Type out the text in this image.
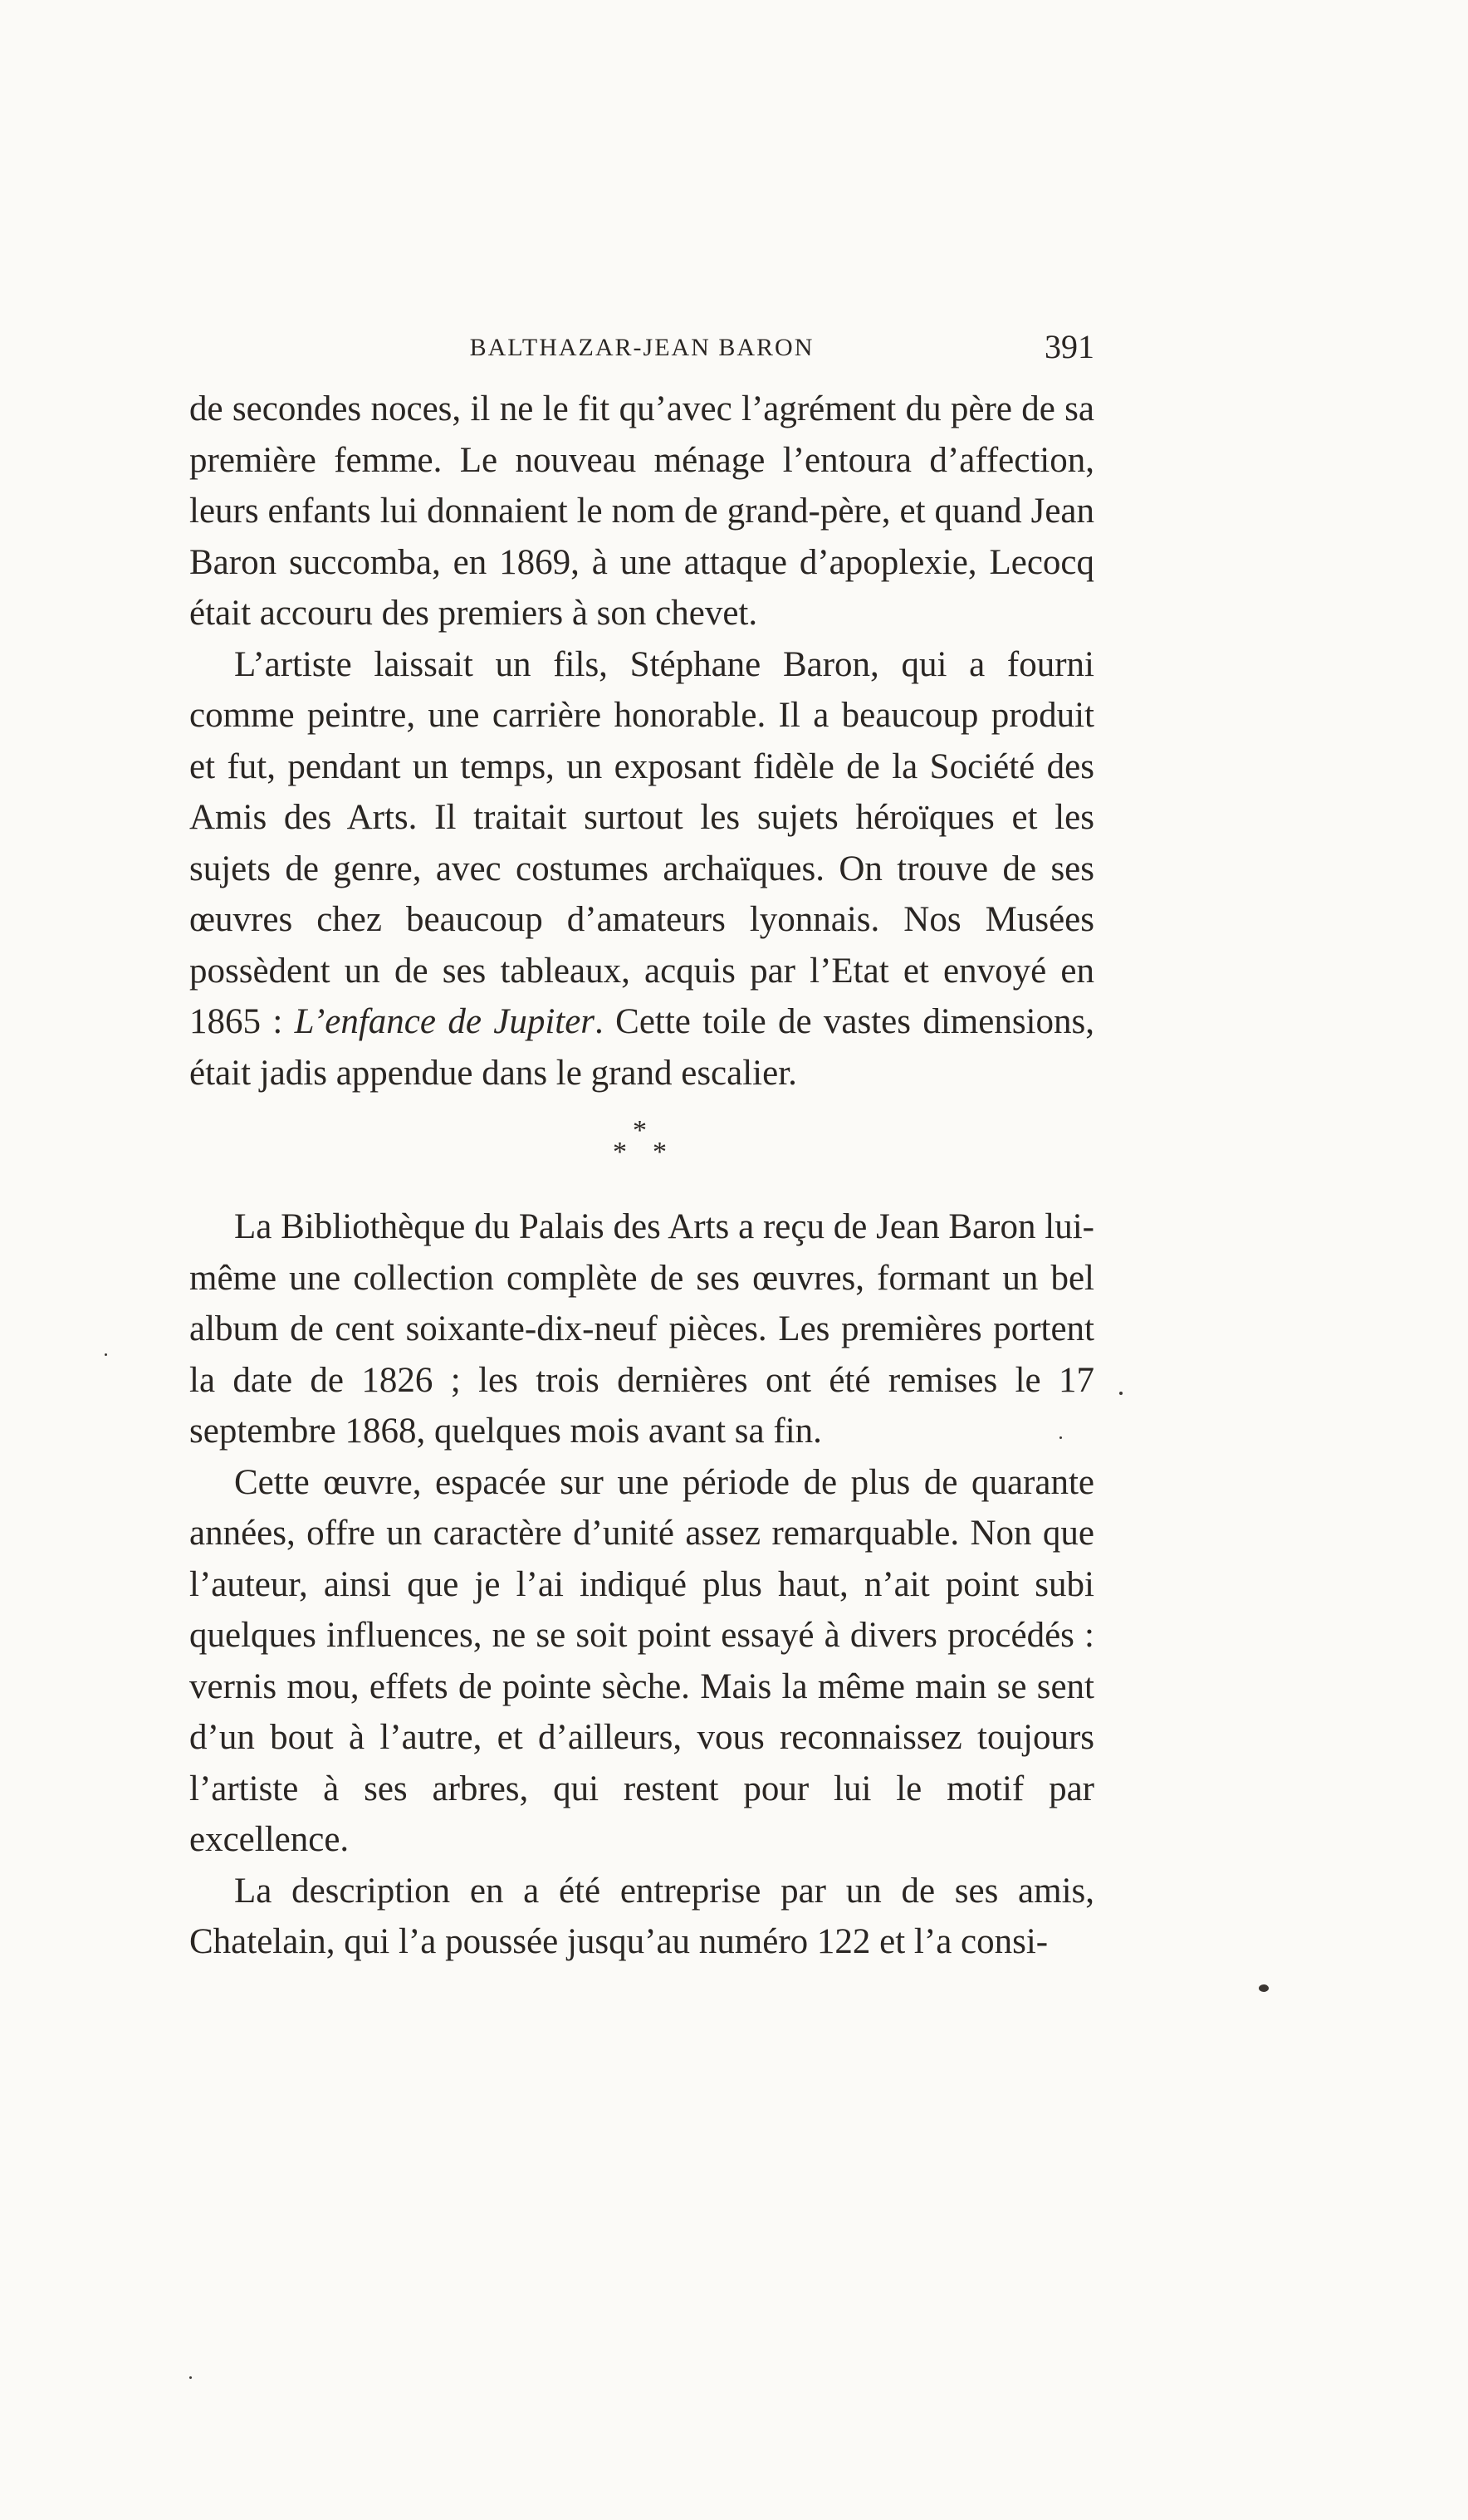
BALTHAZAR-JEAN BARON	391

de secondes noces, il ne le fit qu’avec l’agrément du père de sa première femme. Le nouveau ménage l’entoura d’affection, leurs enfants lui donnaient le nom de grand-père, et quand Jean Baron succomba, en 1869, à une attaque d’apoplexie, Lecocq était accouru des premiers à son chevet.

L’artiste laissait un fils, Stéphane Baron, qui a fourni comme peintre, une carrière honorable. Il a beaucoup produit et fut, pendant un temps, un exposant fidèle de la Société des Amis des Arts. Il traitait surtout les sujets héroïques et les sujets de genre, avec costumes archaïques. On trouve de ses œuvres chez beaucoup d’amateurs lyonnais. Nos Musées possèdent un de ses tableaux, acquis par l’Etat et envoyé en 1865 : L’enfance de Jupiter. Cette toile de vastes dimensions, était jadis appendue dans le grand escalier.

*
* *

La Bibliothèque du Palais des Arts a reçu de Jean Baron lui-même une collection complète de ses œuvres, formant un bel album de cent soixante-dix-neuf pièces. Les premières portent la date de 1826 ; les trois dernières ont été remises le 17 septembre 1868, quelques mois avant sa fin.

Cette œuvre, espacée sur une période de plus de quarante années, offre un caractère d’unité assez remarquable. Non que l’auteur, ainsi que je l’ai indiqué plus haut, n’ait point subi quelques influences, ne se soit point essayé à divers procédés : vernis mou, effets de pointe sèche. Mais la même main se sent d’un bout à l’autre, et d’ailleurs, vous reconnaissez toujours l’artiste à ses arbres, qui restent pour lui le motif par excellence.

La description en a été entreprise par un de ses amis, Chatelain, qui l’a poussée jusqu’au numéro 122 et l’a consi-
